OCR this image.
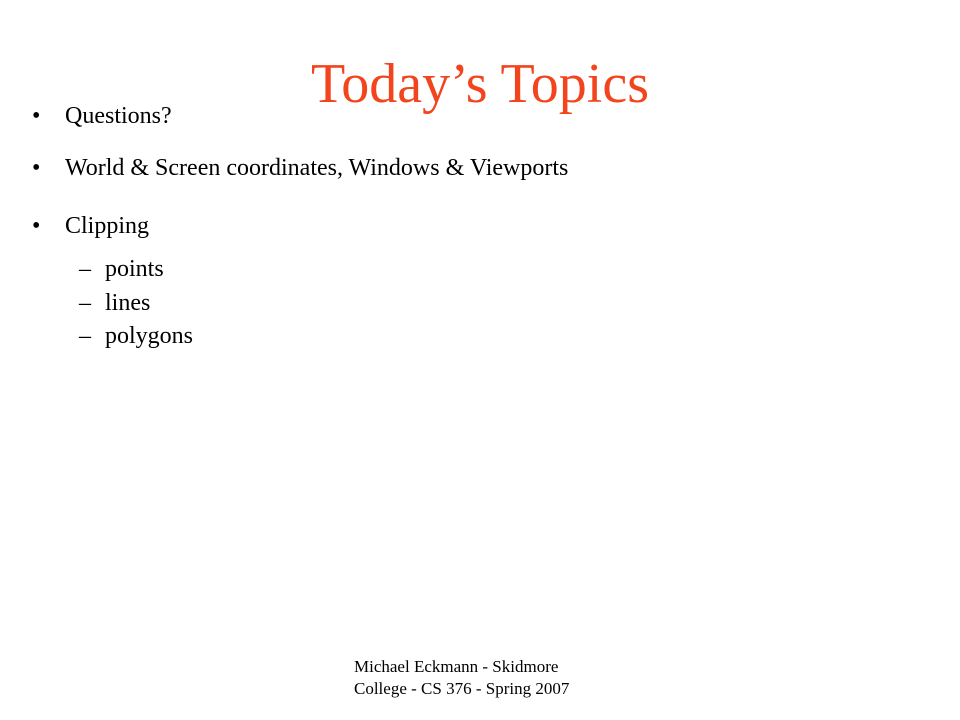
Today’s Topics
• Questions?
• World & Screen coordinates, Windows & Viewports
• Clipping
– points
– lines
– polygons
Michael Eckmann - Skidmore
College - CS 376 - Spring 2007
